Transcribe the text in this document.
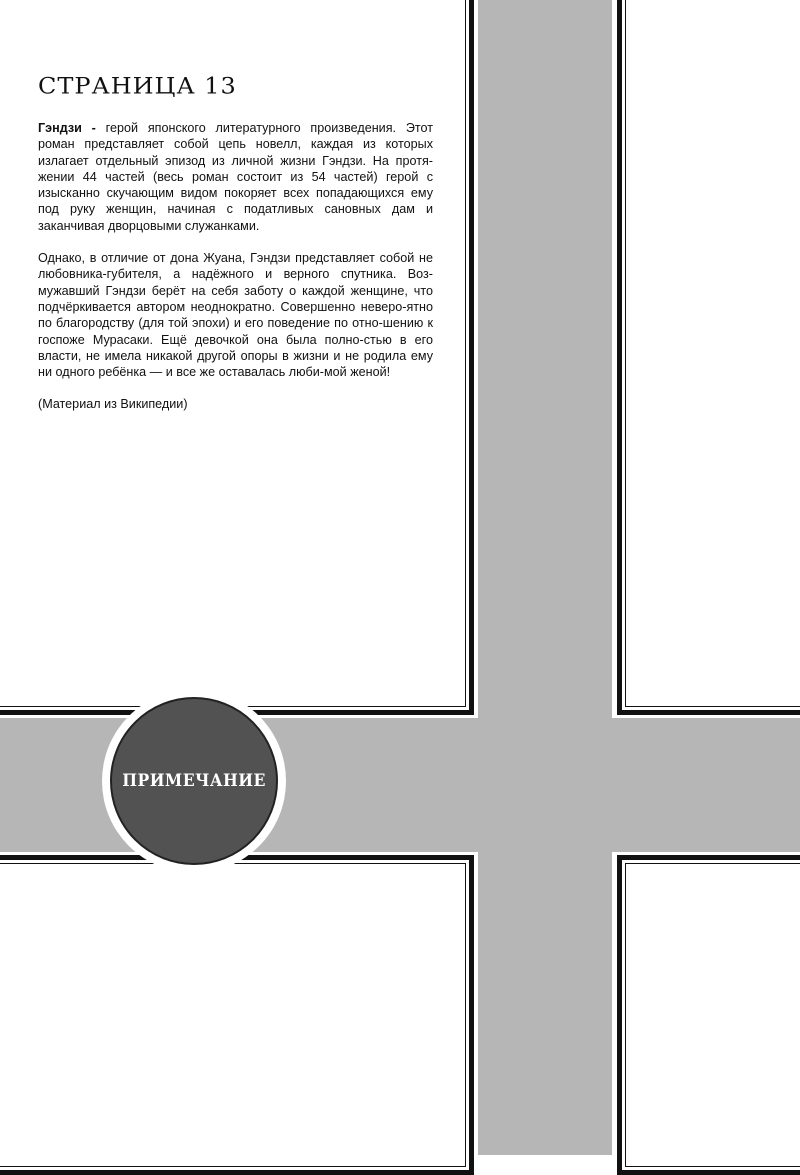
СТРАНИЦА 13

Гэндзи - герой японского литературного произведения. Этот роман представляет собой цепь новелл, каждая из которых излагает отдельный эпизод из личной жизни Гэндзи. На протя-жении 44 частей (весь роман состоит из 54 частей) герой с изысканно скучающим видом покоряет всех попадающихся ему под руку женщин, начиная с податливых сановных дам и заканчивая дворцовыми служанками.

Однако, в отличие от дона Жуана, Гэндзи представляет собой не любовника-губителя, а надёжного и верного спутника. Воз-мужавший Гэндзи берёт на себя заботу о каждой женщине, что подчёркивается автором неоднократно. Совершенно неверо-ятно по благородству (для той эпохи) и его поведение по отно-шению к госпоже Мурасаки. Ещё девочкой она была полно-стью в его власти, не имела никакой другой опоры в жизни и не родила ему ни одного ребёнка — и все же оставалась люби-мой женой!

(Материал из Википедии)

ПРИМЕЧАНИЕ
